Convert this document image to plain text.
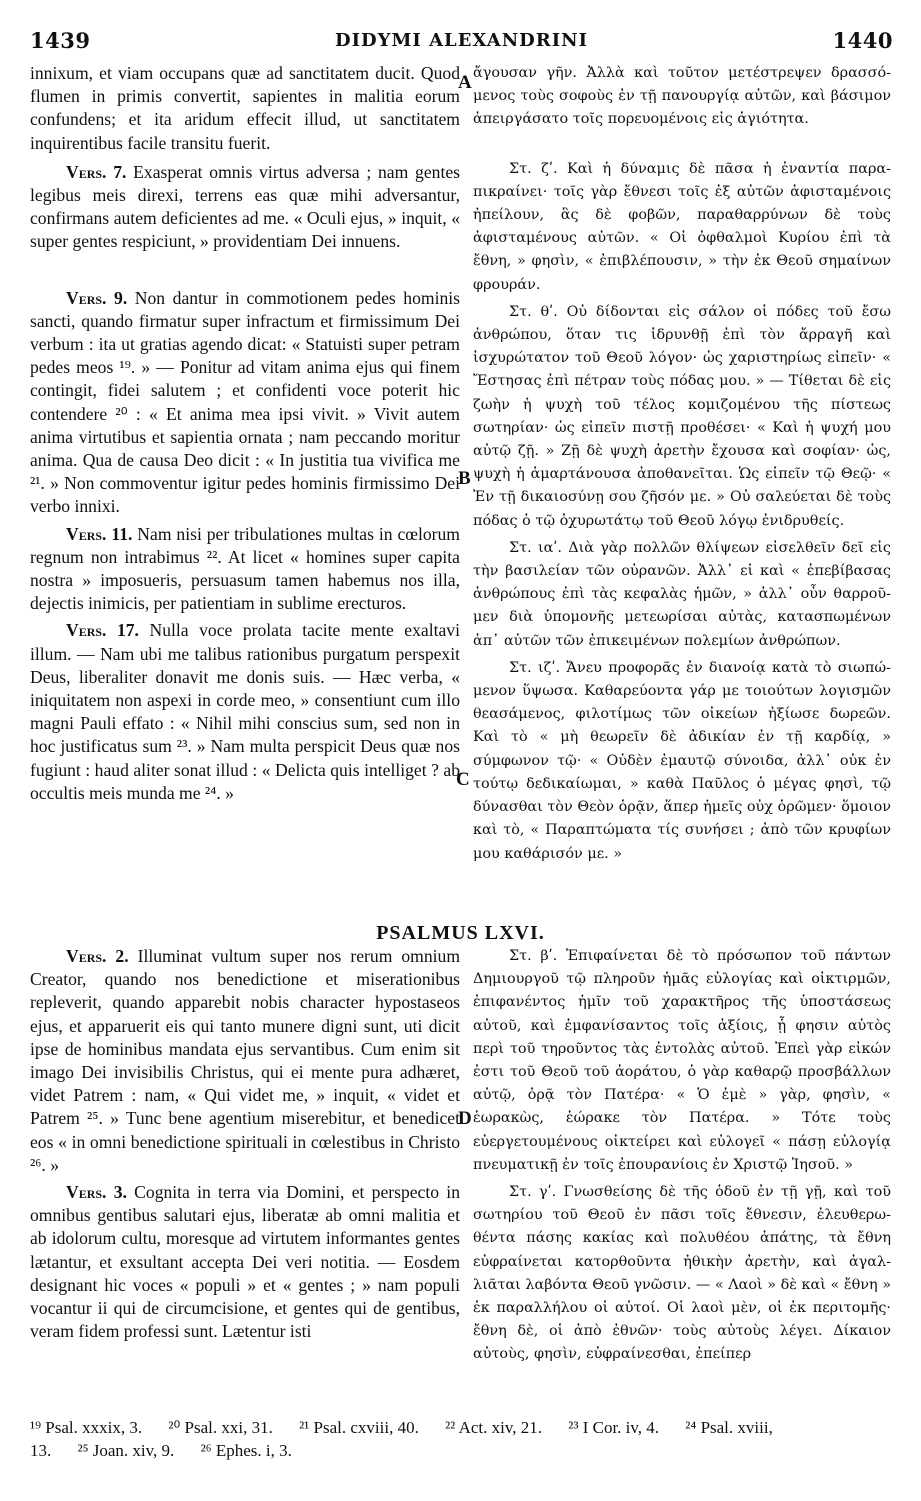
1439	DIDYMI ALEXANDRINI	1440

innixum, et viam occupans quæ ad sanctitatem ducit. Quod flumen in primis convertit, sapientes in malitia eorum confundens; et ita aridum effecit illud, ut sanctitatem inquirentibus facile transitu fuerit.

Vers. 7. Exasperat omnis virtus adversa ; nam gentes legibus meis direxi, terrens eas quæ mihi adversantur, confirmans autem deficientes ad me. « Oculi ejus, » inquit, « super gentes respiciunt, » providentiam Dei innuens.

Vers. 9. Non dantur in commotionem pedes hominis sancti, quando firmatur super infractum et firmissimum Dei verbum : ita ut gratias agendo dicat: « Statuisti super petram pedes meos ¹⁹. » — Ponitur ad vitam anima ejus qui finem contingit, fidei salutem ; et confidenti voce poterit hic contendere ²⁰ : « Et anima mea ipsi vivit. » Vivit autem anima virtutibus et sapientia ornata ; nam peccando moritur anima. Qua de causa Deo dicit : « In justitia tua vivifica me ²¹. » Non commoventur igitur pedes hominis firmissimo Dei verbo innixi.

Vers. 11. Nam nisi per tribulationes multas in cœlorum regnum non intrabimus ²². At licet « homines super capita nostra » imposueris, persuasum tamen habemus nos illa, dejectis inimicis, per patientiam in sublime erecturos.

Vers. 17. Nulla voce prolata tacite mente exaltavi illum. — Nam ubi me talibus rationibus purgatum perspexit Deus, liberaliter donavit me donis suis. — Hæc verba, « iniquitatem non aspexi in corde meo, » consentiunt cum illo magni Pauli effato : « Nihil mihi conscius sum, sed non in hoc justificatus sum ²³. » Nam multa perspicit Deus quæ nos fugiunt : haud aliter sonat illud : « Delicta quis intelliget ? ab occultis meis munda me ²⁴. »

Vers. 2. Illuminat vultum super nos rerum omnium Creator, quando nos benedictione et miserationibus repleverit, quando apparebit nobis character hypostaseos ejus, et apparuerit eis qui tanto munere digni sunt, uti dicit ipse de hominibus mandata ejus servantibus. Cum enim sit imago Dei invisibilis Christus, qui ei mente pura adhæret, videt Patrem : nam, « Qui videt me, » inquit, « videt et Patrem ²⁵. » Tunc bene agentium miserebitur, et benedicet eos « in omni benedictione spirituali in cœlestibus in Christo ²⁶. »

Vers. 3. Cognita in terra via Domini, et perspecto in omnibus gentibus salutari ejus, liberatæ ab omni malitia et ab idolorum cultu, moresque ad virtutem informantes gentes lætantur, et exsultant accepta Dei veri notitia. — Eosdem designant hic voces « populi » et « gentes ; » nam populi vocantur ii qui de circumcisione, et gentes qui de gentibus, veram fidem professi sunt. Lætentur isti

ἄγουσαν γῆν. Ἀλλὰ καὶ τοῦτον μετέστρεψεν δρασσόμενος τοὺς σοφοὺς ἐν τῇ πανουργίᾳ αὐτῶν, καὶ βάσιμον ἀπειργάσατο τοῖς πορευομένοις εἰς ἁγιότητα.

Στ. ζʹ. Καὶ ἡ δύναμις δὲ πᾶσα ἡ ἐναντία παραπικραίνει· τοῖς γὰρ ἔθνεσι τοῖς ἐξ αὐτῶν ἀφισταμένοις ἠπείλουν, ἃς δὲ φοβῶν, παραθαρρύνων δὲ τοὺς ἀφισταμένους αὐτῶν. « Οἱ ὀφθαλμοὶ Κυρίου ἐπὶ τὰ ἔθνη, » φησὶν, « ἐπιβλέπουσιν, » τὴν ἐκ Θεοῦ σημαίνων φρουράν.

Στ. θʹ. Οὐ δίδονται εἰς σάλον οἱ πόδες τοῦ ἔσω ἀνθρώπου, ὅταν τις ἱδρυνθῇ ἐπὶ τὸν ἄρραγῆ καὶ ἰσχυρώτατον τοῦ Θεοῦ λόγον· ὡς χαριστηρίως εἰπεῖν· « Ἔστησας ἐπὶ πέτραν τοὺς πόδας μου. » — Τίθεται δὲ εἰς ζωὴν ἡ ψυχὴ τοῦ τέλος κομιζομένου τῆς πίστεως σωτηρίαν· ὡς εἰπεῖν πιστῇ προθέσει· « Καὶ ἡ ψυχή μου αὐτῷ ζῇ. » Ζῇ δὲ ψυχὴ ἀρετὴν ἔχουσα καὶ σοφίαν· ὡς, ψυχὴ ἡ ἁμαρτάνουσα ἀποθανεῖται. Ὡς εἰπεῖν τῷ Θεῷ· « Ἐν τῇ δικαιοσύνῃ σου ζῆσόν με. » Οὐ σαλεύεται δὲ τοὺς πόδας ὁ τῷ ὀχυρωτάτῳ τοῦ Θεοῦ λόγῳ ἐνιδρυθείς.

Στ. ιαʹ. Διὰ γὰρ πολλῶν θλίψεων εἰσελθεῖν δεῖ εἰς τὴν βασιλείαν τῶν οὐρανῶν. Ἀλλ᾽ εἰ καὶ « ἐπεβίβασας ἀνθρώπους ἐπὶ τὰς κεφαλὰς ἡμῶν, » ἀλλ᾽ οὖν θαρροῦμεν διὰ ὑπομονῆς μετεωρίσαι αὐτὰς, κατασπωμένων ἀπ᾽ αὐτῶν τῶν ἐπικειμένων πολεμίων ἀνθρώπων.

Στ. ιζʹ. Ἄνευ προφορᾶς ἐν διανοίᾳ κατὰ τὸ σιωπώμενον ὕψωσα. Καθαρεύοντα γάρ με τοιούτων λογισμῶν θεασάμενος, φιλοτίμως τῶν οἰκείων ἠξίωσε δωρεῶν. Καὶ τὸ « μὴ θεωρεῖν δὲ ἀδικίαν ἐν τῇ καρδίᾳ, » σύμφωνον τῷ· « Οὐδὲν ἐμαυτῷ σύνοιδα, ἀλλ᾽ οὐκ ἐν τούτῳ δεδικαίωμαι, » καθὰ Παῦλος ὁ μέγας φησὶ, τῷ δύνασθαι τὸν Θεὸν ὁρᾷν, ἅπερ ἡμεῖς οὐχ ὁρῶμεν· ὅμοιον καὶ τὸ, « Παραπτώματα τίς συνήσει ; ἀπὸ τῶν κρυφίων μου καθάρισόν με. »

Στ. βʹ. Ἐπιφαίνεται δὲ τὸ πρόσωπον τοῦ πάντων Δημιουργοῦ τῷ πληροῦν ἡμᾶς εὐλογίας καὶ οἰκτιρμῶν, ἐπιφανέντος ἡμῖν τοῦ χαρακτῆρος τῆς ὑποστάσεως αὐτοῦ, καὶ ἐμφανίσαντος τοῖς ἀξίοις, ᾗ φησιν αὐτὸς περὶ τοῦ τηροῦντος τὰς ἐντολὰς αὐτοῦ. Ἐπεὶ γὰρ εἰκών ἐστι τοῦ Θεοῦ τοῦ ἀοράτου, ὁ γὰρ καθαρῷ προσβάλλων αὐτῷ, ὁρᾷ τὸν Πατέρα· « Ὁ ἐμὲ » γὰρ, φησὶν, « ἑωρακὼς, ἑώρακε τὸν Πατέρα. » Τότε τοὺς εὐεργετουμένους οἰκτείρει καὶ εὐλογεῖ « πάσῃ εὐλογίᾳ πνευματικῇ ἐν τοῖς ἐπουρανίοις ἐν Χριστῷ Ἰησοῦ. »

Στ. γʹ. Γνωσθείσης δὲ τῆς ὁδοῦ ἐν τῇ γῇ, καὶ τοῦ σωτηρίου τοῦ Θεοῦ ἐν πᾶσι τοῖς ἔθνεσιν, ἐλευθερωθέντα πάσης κακίας καὶ πολυθέου ἀπάτης, τὰ ἔθνη εὐφραίνεται κατορθοῦντα ἠθικὴν ἀρετὴν, καὶ ἀγαλλιᾶται λαβόντα Θεοῦ γνῶσιν. — « Λαοὶ » δὲ καὶ « ἔθνη » ἐκ παραλλήλου οἱ αὐτοί. Οἱ λαοὶ μὲν, οἱ ἐκ περιτομῆς· ἔθνη δὲ, οἱ ἀπὸ ἐθνῶν· τοὺς αὐτοὺς λέγει. Δίκαιον αὐτοὺς, φησὶν, εὐφραίνεσθαι, ἐπείπερ

PSALMUS LXVI.
A
B
C
D
¹⁹ Psal. xxxix, 3. ²⁰ Psal. xxi, 31. ²¹ Psal. cxviii, 40. ²² Act. xiv, 21. ²³ I Cor. iv, 4. ²⁴ Psal. xviii,
13. ²⁵ Joan. xiv, 9. ²⁶ Ephes. i, 3.
